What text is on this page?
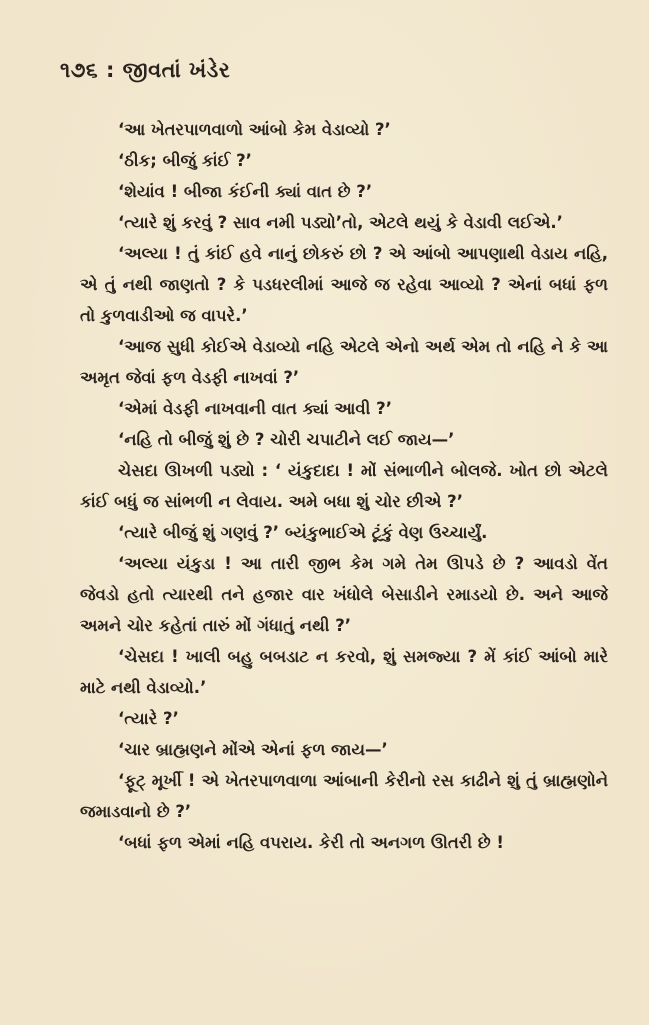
૧૭૬ : જીવતાં ખંડેર

‘આ ખેતરપાળવાળો આંબો કેમ વેડાવ્યો ?’

‘ઠીક; બીજું કાંઈ ?’

‘શેયાંવ ! બીજા કંઈની ક્યાં વાત છે ?’

‘ત્યારે શું કરવું ? સાવ નમી પડ્યો’તો, એટલે થયું કે વેડાવી લઈએ.’

‘અલ્યા ! તું કાંઈ હવે નાનું છોકરું છો ? એ આંબો આપણાથી વેડાય નહિ, એ તું નથી જાણતો ? કે પડધરલીમાં આજે જ રહેવા આવ્યો ? એનાં બધાં ફળ તો કુળવાડીઓ જ વાપરે.’

‘આજ સુધી કોઈએ વેડાવ્યો નહિ એટલે એનો અર્થ એમ તો નહિ ને કે આ અમૃત જેવાં ફળ વેડફી નાખવાં ?’

‘એમાં વેડફી નાખવાની વાત ક્યાં આવી ?’

‘નહિ તો બીજું શું છે ? ચોરી ચપાટીને લઈ જાય—’

ચેસદા ઊખળી પડ્યો : ‘ યંકુદાદા ! મોં સંભાળીને બોલજે. ખોત છો એટલે કાંઈ બધું જ સાંભળી ન લેવાય. અમે બધા શું ચોર છીએ ?’

‘ત્યારે બીજું શું ગણવું ?’ બ્યંકુભાઈએ ટૂંકું વેણ ઉચ્ચાર્યું.

‘અલ્યા યંકુડા ! આ તારી જીભ કેમ ગમે તેમ ઊપડે છે ? આવડો વેંત જેવડો હતો ત્યારથી તને હજાર વાર ખંધોલે બેસાડીને રમાડયો છે. અને આજે અમને ચોર કહેતાં તારું મોં ગંધાતું નથી ?’

‘ચેસદા ! ખાલી બહુ બબડાટ ન કરવો, શું સમજ્યા ? મેં કાંઈ આંબો મારે માટે નથી વેડાવ્યો.’

‘ત્યારે ?’

‘ચાર બ્રાહ્મણને મોંએ એનાં ફળ જાય—’

‘ફૂટ્‌ મૂર્ખી ! એ ખેતરપાળવાળા આંબાની કેરીનો રસ કાઢીને શું તું બ્રાહ્મણોને જમાડવાનો છે ?’

‘બધાં ફળ એમાં નહિ વપરાય. કેરી તો અનગળ ઊતરી છે !
